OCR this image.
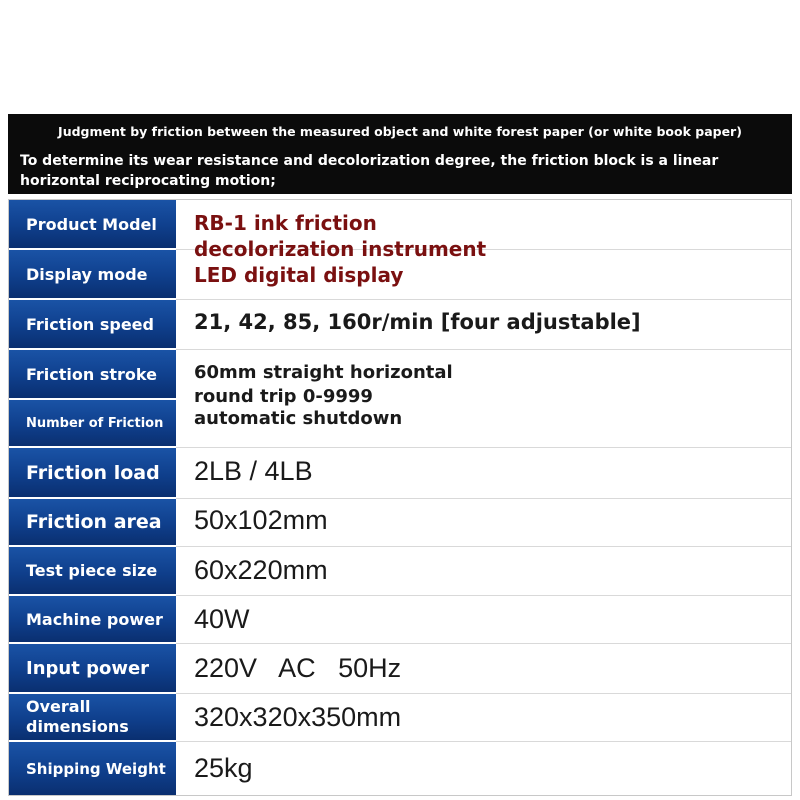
Judgment by friction between the measured object and white forest paper (or white book paper)
To determine its wear resistance and decolorization degree, the friction block is a linear horizontal reciprocating motion;
Product Model
Display mode
Friction speed
Friction stroke
Number of Friction
Friction load
Friction area
Test piece size
Machine power
Input power
Overall dimensions
Shipping Weight
RB-1 ink friction
decolorization instrument
LED digital display
21, 42, 85, 160r/min [four adjustable]
60mm straight horizontal
round trip 0-9999
automatic shutdown
2LB / 4LB
50x102mm
60x220mm
40W
220V   AC   50Hz
320x320x350mm
25kg
